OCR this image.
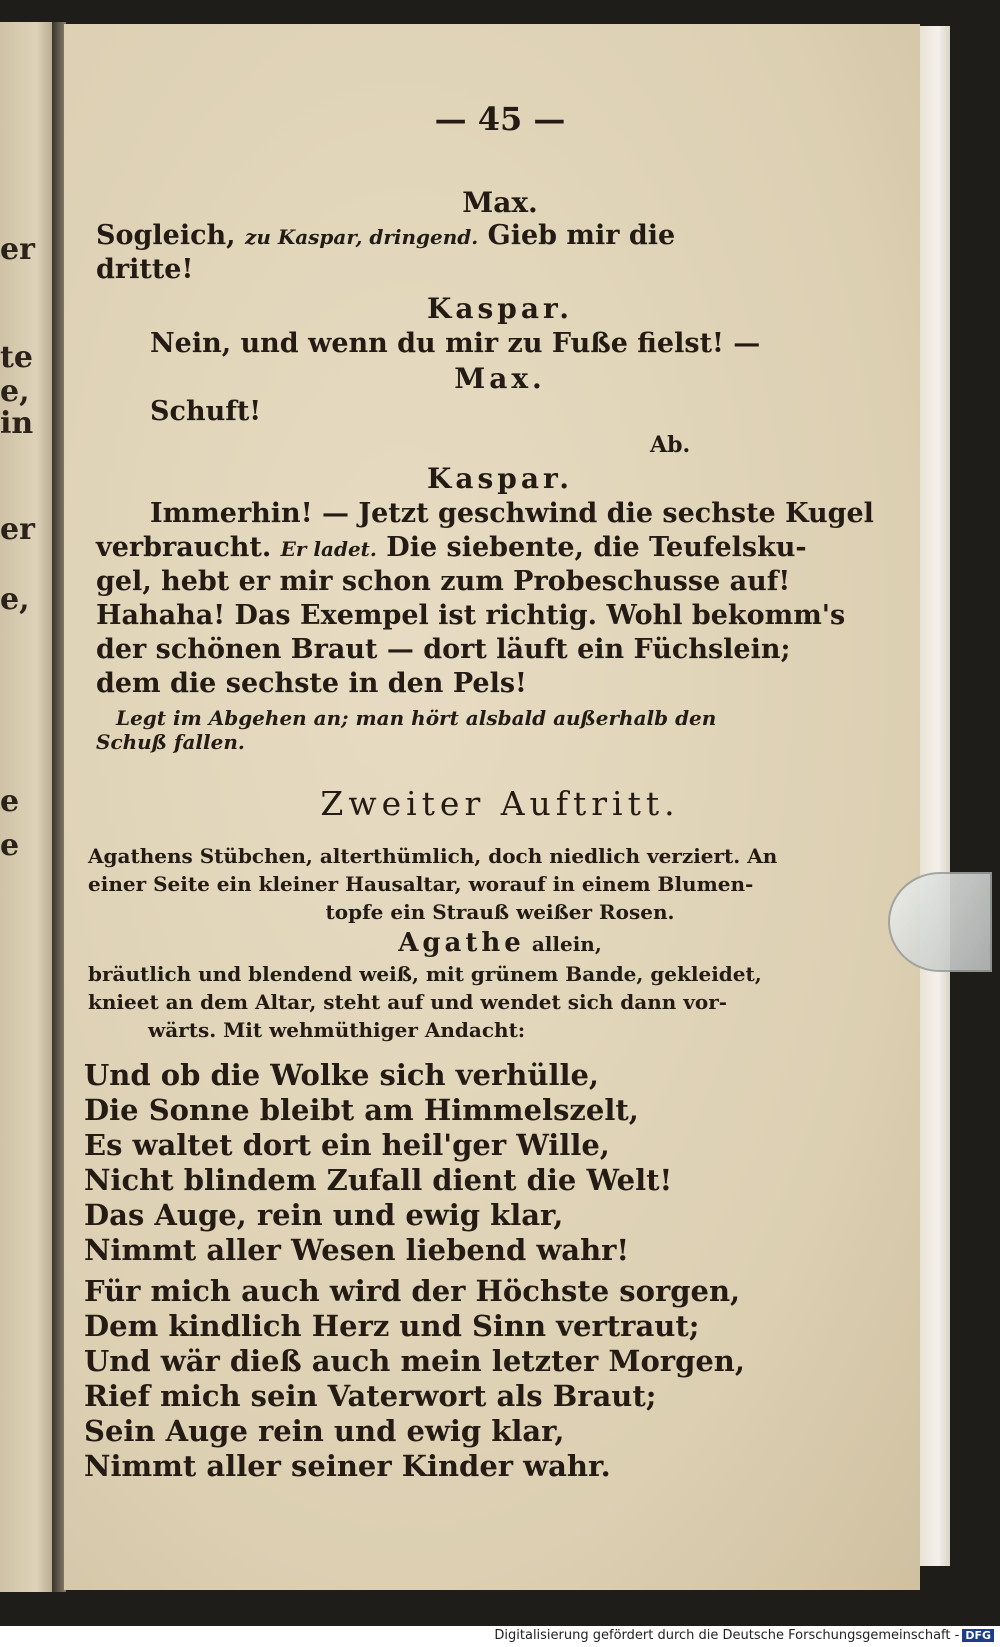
er
te
e,
in
er
e,
e
e
— 45 —
Max.
Sogleich, zu Kaspar, dringend. Gieb mir die
dritte!
Kaspar.
Nein, und wenn du mir zu Fuße fielst! —
Max.
Schuft!
Ab.
Kaspar.
Immerhin! — Jetzt geschwind die sechste Kugel
verbraucht. Er ladet. Die siebente, die Teufelsku-
gel, hebt er mir schon zum Probeschusse auf!
Hahaha! Das Exempel ist richtig. Wohl bekomm's
der schönen Braut — dort läuft ein Füchslein;
dem die sechste in den Pels!
Legt im Abgehen an; man hört alsbald außerhalb den
Schuß fallen.
Zweiter Auftritt.
Agathens Stübchen, alterthümlich, doch niedlich verziert. An
einer Seite ein kleiner Hausaltar, worauf in einem Blumen-
topfe ein Strauß weißer Rosen.
Agathe allein,
bräutlich und blendend weiß, mit grünem Bande, gekleidet,
knieet an dem Altar, steht auf und wendet sich dann vor-
wärts. Mit wehmüthiger Andacht:
Und ob die Wolke sich verhülle,
Die Sonne bleibt am Himmelszelt,
Es waltet dort ein heil'ger Wille,
Nicht blindem Zufall dient die Welt!
Das Auge, rein und ewig klar,
Nimmt aller Wesen liebend wahr!
Für mich auch wird der Höchste sorgen,
Dem kindlich Herz und Sinn vertraut;
Und wär dieß auch mein letzter Morgen,
Rief mich sein Vaterwort als Braut;
Sein Auge rein und ewig klar,
Nimmt aller seiner Kinder wahr.
Digitalisierung gefördert durch die Deutsche Forschungsgemeinschaft - DFG
